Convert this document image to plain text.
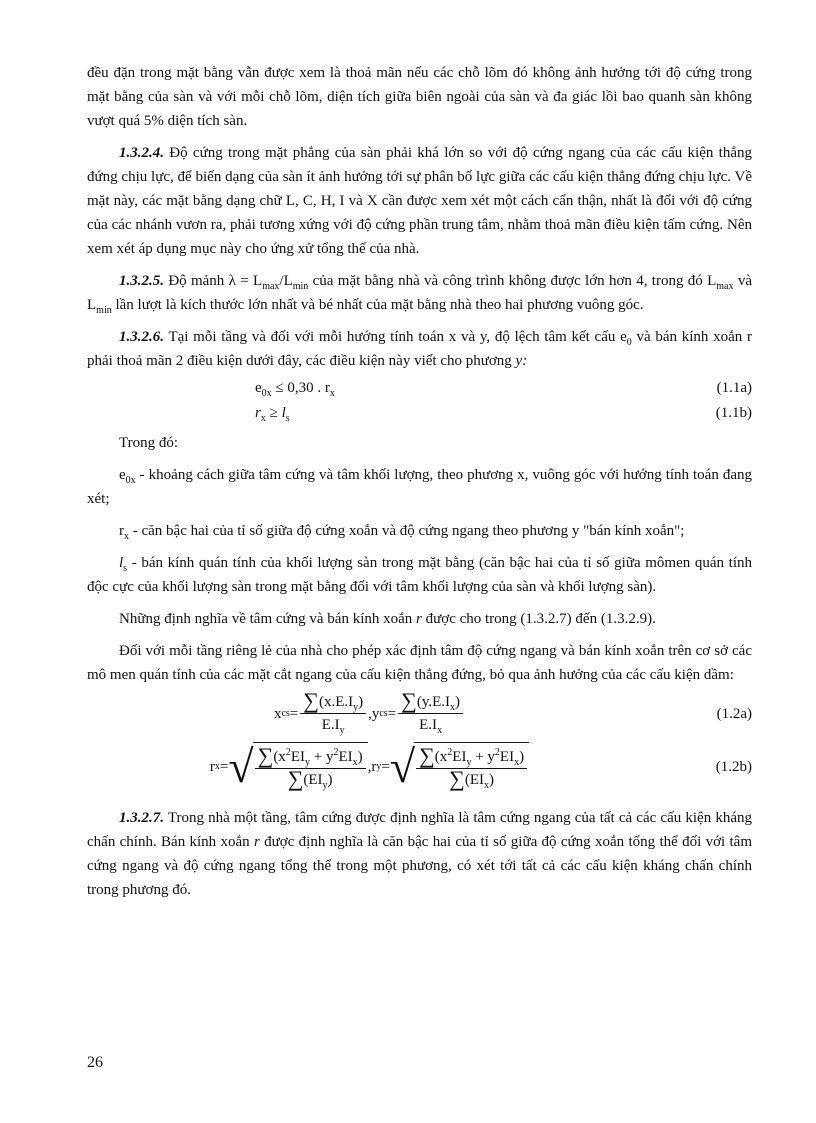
đều đặn trong mặt bằng vẫn được xem là thoả mãn nếu các chỗ lõm đó không ảnh hưởng tới độ cứng trong mặt bằng của sàn và với mỗi chỗ lõm, diện tích giữa biên ngoài của sàn và đa giác lồi bao quanh sàn không vượt quá 5% diện tích sàn.

1.3.2.4. Độ cứng trong mặt phẳng của sàn phải khá lớn so với độ cứng ngang của các cấu kiện thẳng đứng chịu lực, để biến dạng của sàn ít ảnh hưởng tới sự phân bố lực giữa các cấu kiện thẳng đứng chịu lực. Về mặt này, các mặt bằng dạng chữ L, C, H, I và X cần được xem xét một cách cẩn thận, nhất là đối với độ cứng của các nhánh vươn ra, phải tương xứng với độ cứng phần trung tâm, nhằm thoả mãn điều kiện tấm cứng. Nên xem xét áp dụng mục này cho ứng xử tổng thể của nhà.

1.3.2.5. Độ mảnh $\lambda = L_{max}/L_{min}$ của mặt bằng nhà và công trình không được lớn hơn 4, trong đó $L_{max}$ và $L_{min}$ lần lượt là kích thước lớn nhất và bé nhất của mặt bằng nhà theo hai phương vuông góc.

1.3.2.6. Tại mỗi tầng và đối với mỗi hướng tính toán x và y, độ lệch tâm kết cấu $e_0$ và bán kính xoắn r phải thoả mãn 2 điều kiện dưới đây, các điều kiện này viết cho phương y:

$e_{0x} \le 0,30$ . $r_x$	(1.1a)
$r_x \ge l_s$	(1.1b)

Trong đó:

$e_{0x}$ - khoảng cách giữa tâm cứng và tâm khối lượng, theo phương x, vuông góc với hướng tính toán đang xét;

$r_x$ - căn bậc hai của tỉ số giữa độ cứng xoắn và độ cứng ngang theo phương y "bán kính xoắn";

$l_s$ - bán kính quán tính của khối lượng sàn trong mặt bằng (căn bậc hai của tỉ số giữa mômen quán tính độc cực của khối lượng sàn trong mặt bằng đối với tâm khối lượng của sàn và khối lượng sàn).

Những định nghĩa về tâm cứng và bán kính xoắn r được cho trong (1.3.2.7) đến (1.3.2.9).

Đối với mỗi tầng riêng lẻ của nhà cho phép xác định tâm độ cứng ngang và bán kính xoắn trên cơ sở các mô men quán tính của các mặt cắt ngang của cấu kiện thẳng đứng, bỏ qua ảnh hưởng của các cấu kiện dầm:

x cs = $\frac{\sum(x.E.I_y)}{E.I_y}$ , y cs = $\frac{\sum(y.E.I_x)}{E.I_x}$	(1.2a)
r x = √ $\frac{\sum(x^2EI_y + y^2EI_x)}{\sum(EI_y)}$ , r y = √ $\frac{\sum(x^2EI_y + y^2EI_x)}{\sum(EI_x)}$	(1.2b)

1.3.2.7. Trong nhà một tầng, tâm cứng được định nghĩa là tâm cứng ngang của tất cả các cấu kiện kháng chấn chính. Bán kính xoắn r được định nghĩa là căn bậc hai của tỉ số giữa độ cứng xoắn tổng thể đối với tâm cứng ngang và độ cứng ngang tổng thể trong một phương, có xét tới tất cả các cấu kiện kháng chấn chính trong phương đó.

26
